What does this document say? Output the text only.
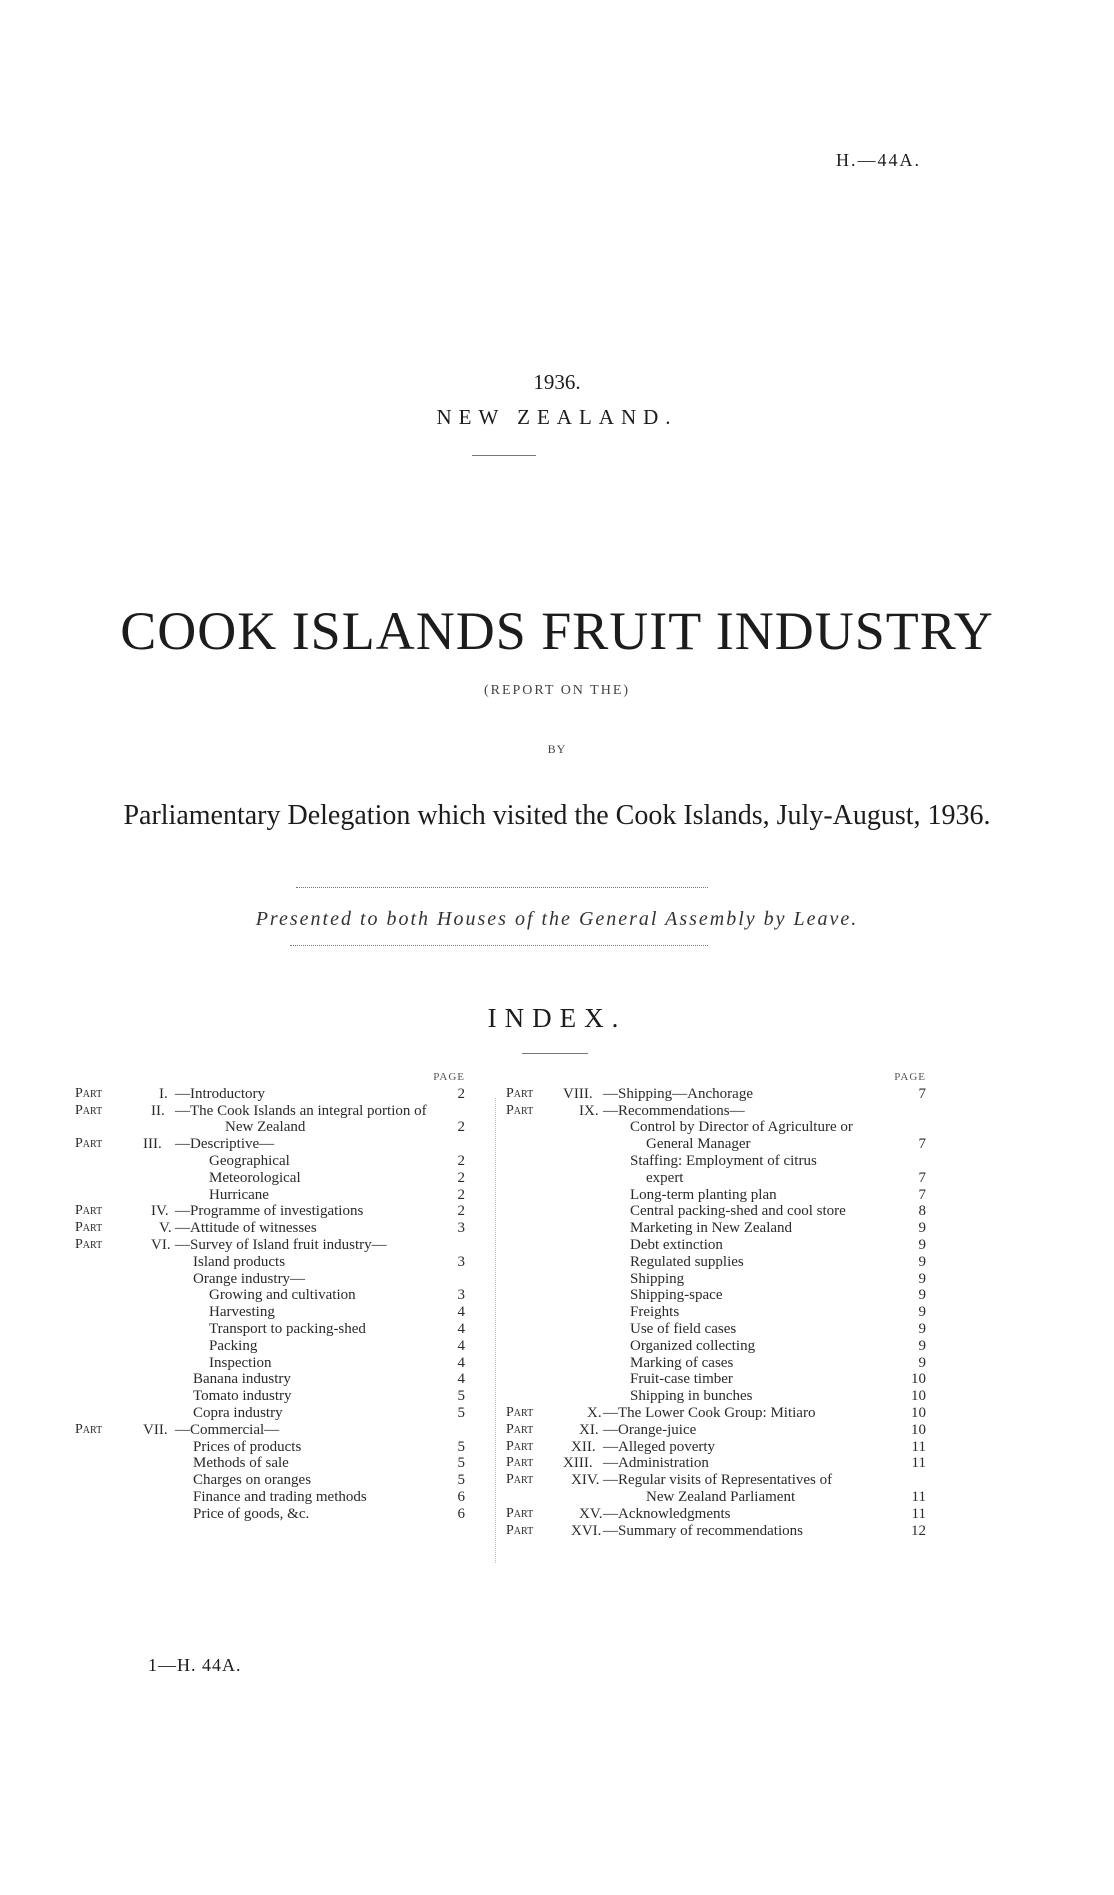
H.—44A.
1936.
NEW ZEALAND.
COOK ISLANDS FRUIT INDUSTRY
(REPORT ON THE)
BY
Parliamentary Delegation which visited the Cook Islands, July-August, 1936.
Presented to both Houses of the General Assembly by Leave.
INDEX.
PAGE
Part	I. —Introductory	2
Part	II. —The Cook Islands an integral portion of
New Zealand	2
Part	III. —Descriptive—
Geographical	2
Meteorological	2
Hurricane	2
Part	IV. —Programme of investigations	2
Part	V. —Attitude of witnesses	3
Part	VI. —Survey of Island fruit industry—
Island products	3
Orange industry—
Growing and cultivation	3
Harvesting	4
Transport to packing-shed	4
Packing	4
Inspection	4
Banana industry	4
Tomato industry	5
Copra industry	5
Part	VII. —Commercial—
Prices of products	5
Methods of sale	5
Charges on oranges	5
Finance and trading methods	6
Price of goods, &c.	6
PAGE
Part VIII. —Shipping—Anchorage	7
Part	IX. —Recommendations—
Control by Director of Agriculture or
General Manager	7
Staffing: Employment of citrus
expert	7
Long-term planting plan	7
Central packing-shed and cool store	8
Marketing in New Zealand	9
Debt extinction	9
Regulated supplies	9
Shipping	9
Shipping-space	9
Freights	9
Use of field cases	9
Organized collecting	9
Marking of cases	9
Fruit-case timber	10
Shipping in bunches	10
Part	X. —The Lower Cook Group: Mitiaro	10
Part	XI. —Orange-juice	10
Part	XII. —Alleged poverty	11
Part XIII. —Administration	11
Part	XIV. —Regular visits of Representatives of
New Zealand Parliament	11
Part	XV. —Acknowledgments	11
Part	XVI. —Summary of recommendations	12
1—H. 44A.
